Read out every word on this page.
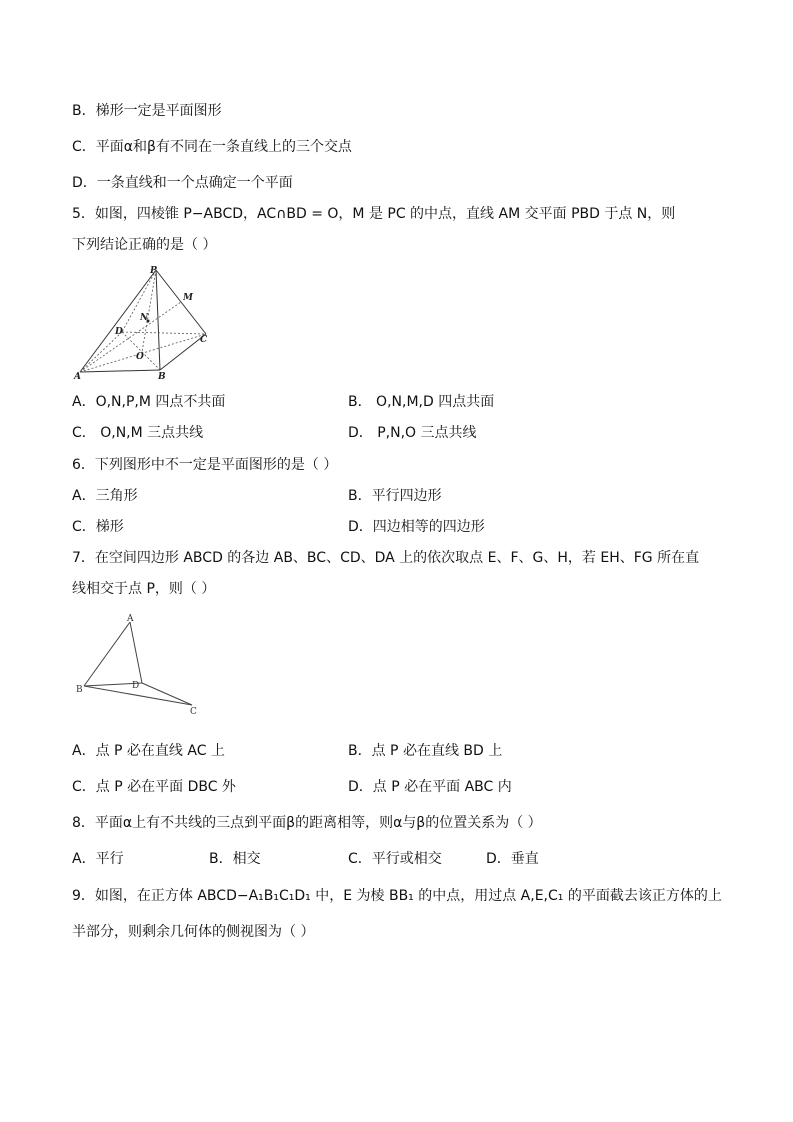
B．梯形一定是平面图形
C．平面α和β有不同在一条直线上的三个交点
D．一条直线和一个点确定一个平面
5．如图，四棱锥 P−ABCD，AC∩BD = O，M 是 PC 的中点，直线 AM 交平面 PBD 于点 N，则
下列结论正确的是（ ）
P
M
N
D
C
O
A	B
A．O,N,P,M 四点不共面	B． O,N,M,D 四点共面
C． O,N,M 三点共线	D． P,N,O 三点共线
6．下列图形中不一定是平面图形的是（ ）
A．三角形	B．平行四边形
C．梯形	D．四边相等的四边形
7．在空间四边形 ABCD 的各边 AB、BC、CD、DA 上的依次取点 E、F、G、H，若 EH、FG 所在直
线相交于点 P，则（ ）
A
B	D
C
A．点 P 必在直线 AC 上	B．点 P 必在直线 BD 上
C．点 P 必在平面 DBC 外	D．点 P 必在平面 ABC 内
8．平面α上有不共线的三点到平面β的距离相等，则α与β的位置关系为（ ）
A．平行	B．相交	C．平行或相交	D．垂直
9．如图，在正方体 ABCD−A₁B₁C₁D₁ 中，E 为棱 BB₁ 的中点，用过点 A,E,C₁ 的平面截去该正方体的上
半部分，则剩余几何体的侧视图为（ ）
